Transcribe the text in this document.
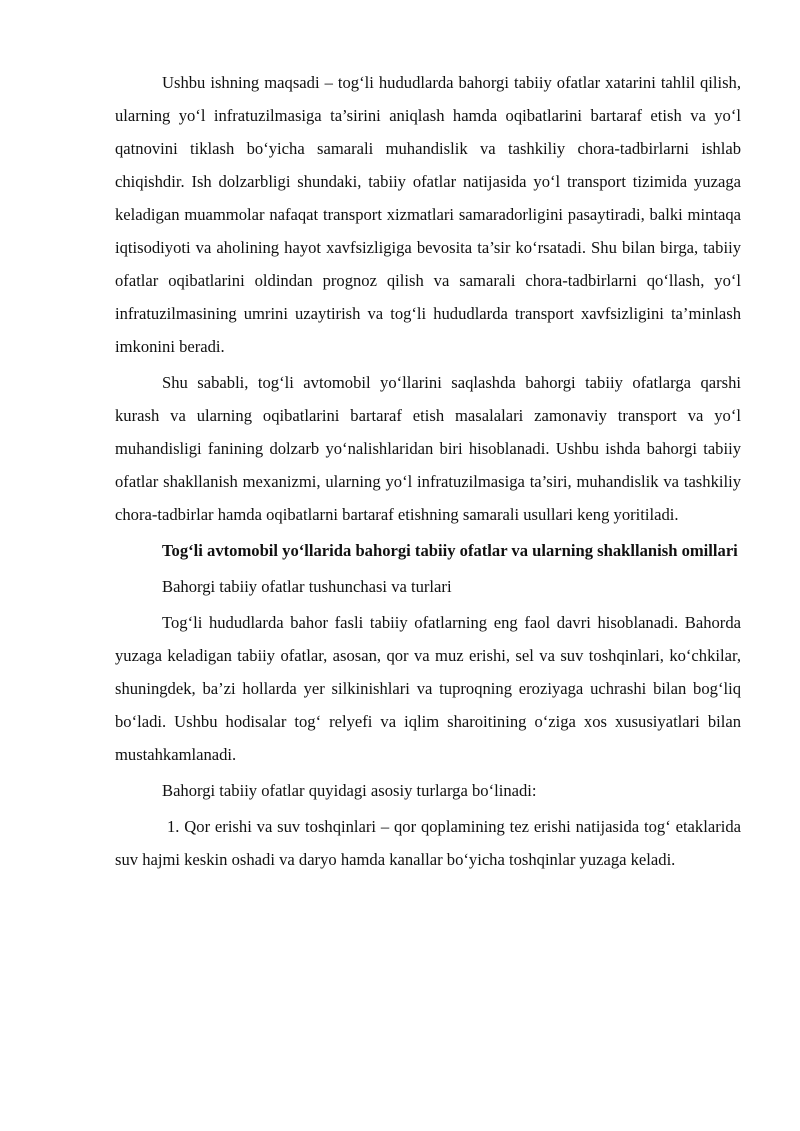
Ushbu ishning maqsadi – tog‘li hududlarda bahorgi tabiiy ofatlar xatarini tahlil qilish, ularning yo‘l infratuzilmasiga ta’sirini aniqlash hamda oqibatlarini bartaraf etish va yo‘l qatnovini tiklash bo‘yicha samarali muhandislik va tashkiliy chora-tadbirlarni ishlab chiqishdir. Ish dolzarbligi shundaki, tabiiy ofatlar natijasida yo‘l transport tizimida yuzaga keladigan muammolar nafaqat transport xizmatlari samaradorligini pasaytiradi, balki mintaqa iqtisodiyoti va aholining hayot xavfsizligiga bevosita ta’sir ko‘rsatadi. Shu bilan birga, tabiiy ofatlar oqibatlarini oldindan prognoz qilish va samarali chora-tadbirlarni qo‘llash, yo‘l infratuzilmasining umrini uzaytirish va tog‘li hududlarda transport xavfsizligini ta’minlash imkonini beradi.

Shu sababli, tog‘li avtomobil yo‘llarini saqlashda bahorgi tabiiy ofatlarga qarshi kurash va ularning oqibatlarini bartaraf etish masalalari zamonaviy transport va yo‘l muhandisligi fanining dolzarb yo‘nalishlaridan biri hisoblanadi. Ushbu ishda bahorgi tabiiy ofatlar shakllanish mexanizmi, ularning yo‘l infratuzilmasiga ta’siri, muhandislik va tashkiliy chora-tadbirlar hamda oqibatlarni bartaraf etishning samarali usullari keng yoritiladi.

Tog‘li avtomobil yo‘llarida bahorgi tabiiy ofatlar va ularning shakllanish omillari

Bahorgi tabiiy ofatlar tushunchasi va turlari

Tog‘li hududlarda bahor fasli tabiiy ofatlarning eng faol davri hisoblanadi. Bahorda yuzaga keladigan tabiiy ofatlar, asosan, qor va muz erishi, sel va suv toshqinlari, ko‘chkilar, shuningdek, ba’zi hollarda yer silkinishlari va tuproqning eroziyaga uchrashi bilan bog‘liq bo‘ladi. Ushbu hodisalar tog‘ relyefi va iqlim sharoitining o‘ziga xos xususiyatlari bilan mustahkamlanadi.

Bahorgi tabiiy ofatlar quyidagi asosiy turlarga bo‘linadi:

1. Qor erishi va suv toshqinlari – qor qoplamining tez erishi natijasida tog‘ etaklarida suv hajmi keskin oshadi va daryo hamda kanallar bo‘yicha toshqinlar yuzaga keladi.
